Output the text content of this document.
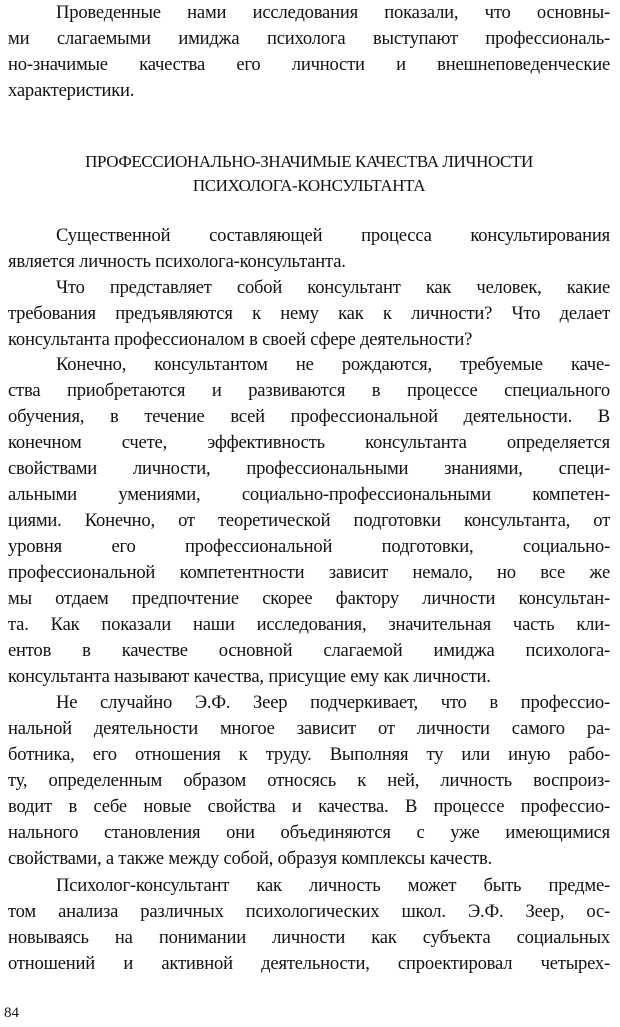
Проведенные нами исследования показали, что основны-
ми слагаемыми имиджа психолога выступают профессиональ-
но-значимые качества его личности и внешнеповеденческие
характеристики.
ПРОФЕССИОНАЛЬНО-ЗНАЧИМЫЕ КАЧЕСТВА ЛИЧНОСТИ
ПСИХОЛОГА-КОНСУЛЬТАНТА
Существенной составляющей процесса консультирования
является личность психолога-консультанта.
Что представляет собой консультант как человек, какие
требования предъявляются к нему как к личности? Что делает
консультанта профессионалом в своей сфере деятельности?
Конечно, консультантом не рождаются, требуемые каче-
ства приобретаются и развиваются в процессе специального
обучения, в течение всей профессиональной деятельности. В
конечном счете, эффективность консультанта определяется
свойствами личности, профессиональными знаниями, специ-
альными умениями, социально-профессиональными компетен-
циями. Конечно, от теоретической подготовки консультанта, от
уровня его профессиональной подготовки, социально-
профессиональной компетентности зависит немало, но все же
мы отдаем предпочтение скорее фактору личности консультан-
та. Как показали наши исследования, значительная часть кли-
ентов в качестве основной слагаемой имиджа психолога-
консультанта называют качества, присущие ему как личности.
Не случайно Э.Ф. Зеер подчеркивает, что в профессио-
нальной деятельности многое зависит от личности самого ра-
ботника, его отношения к труду. Выполняя ту или иную рабо-
ту, определенным образом относясь к ней, личность воспроиз-
водит в себе новые свойства и качества. В процессе профессио-
нального становления они объединяются с уже имеющимися
свойствами, а также между собой, образуя комплексы качеств.
Психолог-консультант как личность может быть предме-
том анализа различных психологических школ. Э.Ф. Зеер, ос-
новываясь на понимании личности как субъекта социальных
отношений и активной деятельности, спроектировал четырех-
84
